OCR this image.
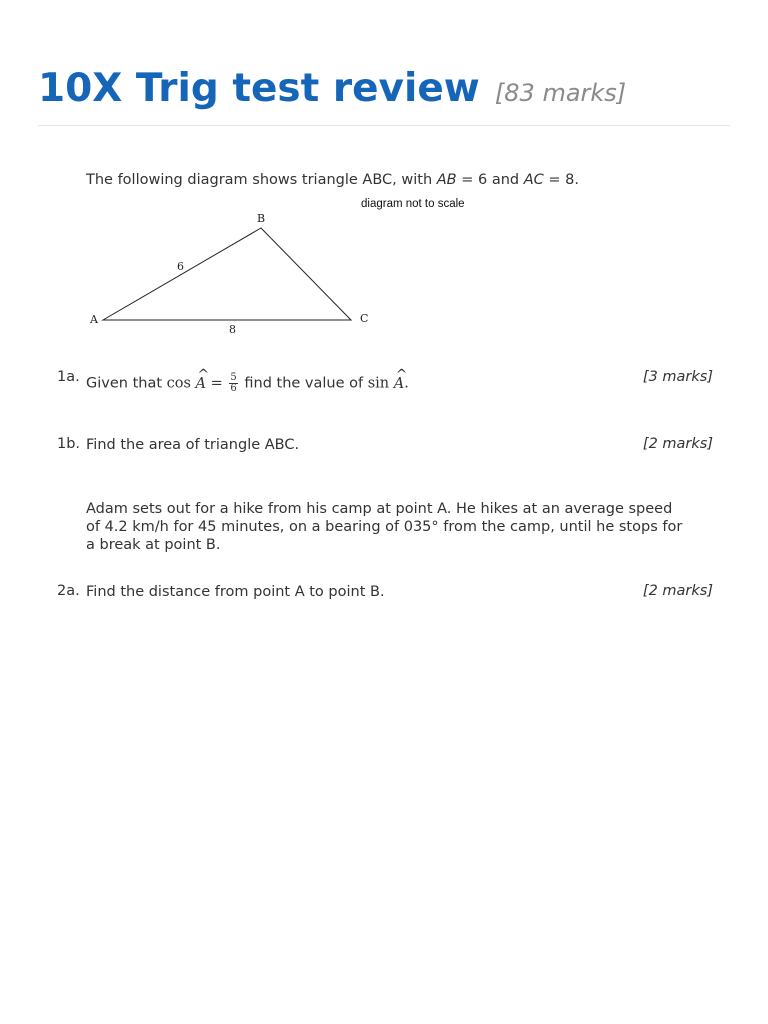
10X Trig test review [83 marks]
The following diagram shows triangle ABC, with AB = 6 and AC = 8.
diagram not to scale
A
B
C
6
8
1a. Given that cos ^ $A = \frac{5}{6}$ find the value of sin ^ A.	[3 marks]
1b. Find the area of triangle ABC.	[2 marks]
Adam sets out for a hike from his camp at point A. He hikes at an average speed
of 4.2 km/h for 45 minutes, on a bearing of 035° from the camp, until he stops for
a break at point B.
2a. Find the distance from point A to point B.	[2 marks]
